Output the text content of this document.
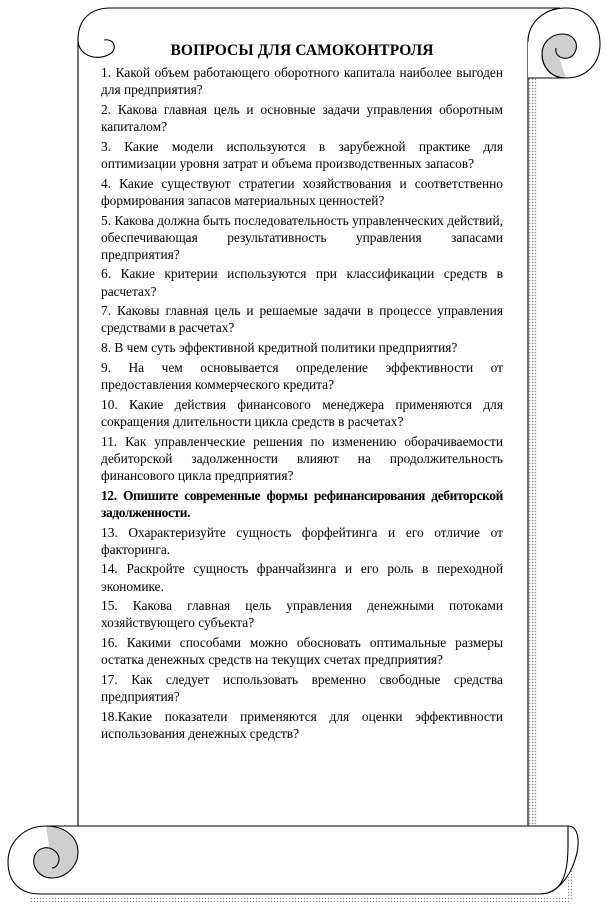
ВОПРОСЫ ДЛЯ САМОКОНТРОЛЯ

1. Какой объем работающего оборотного капитала наиболее выгоден для предприятия?

2. Какова главная цель и основные задачи управления оборотным капиталом?

3. Какие модели используются в зарубежной практике для оптимизации уровня затрат и объема производственных запасов?

4. Какие существуют стратегии хозяйствования и соответственно формирования запасов материальных ценностей?

5. Какова должна быть последовательность управленческих действий, обеспечивающая результативность управления запасами предприятия?

6. Какие критерии используются при классификации средств в расчетах?

7. Каковы главная цель и решаемые задачи в процессе управления средствами в расчетах?

8. В чем суть эффективной кредитной политики предприятия?

9. На чем основывается определение эффективности от предоставления коммерческого кредита?

10. Какие действия финансового менеджера применяются для сокращения длительности цикла средств в расчетах?

11. Как управленческие решения по изменению оборачиваемости дебиторской задолженности влияют на продолжительность финансового цикла предприятия?

12. Опишите современные формы рефинансирования дебиторской задолженности.

13. Охарактеризуйте сущность форфейтинга и его отличие от факторинга.

14. Раскройте сущность франчайзинга и его роль в переходной экономике.

15. Какова главная цель управления денежными потоками хозяйствующего субъекта?

16. Какими способами можно обосновать оптимальные размеры остатка денежных средств на текущих счетах предприятия?

17. Как следует использовать временно свободные средства предприятия?

18.Какие показатели применяются для оценки эффективности использования денежных средств?
